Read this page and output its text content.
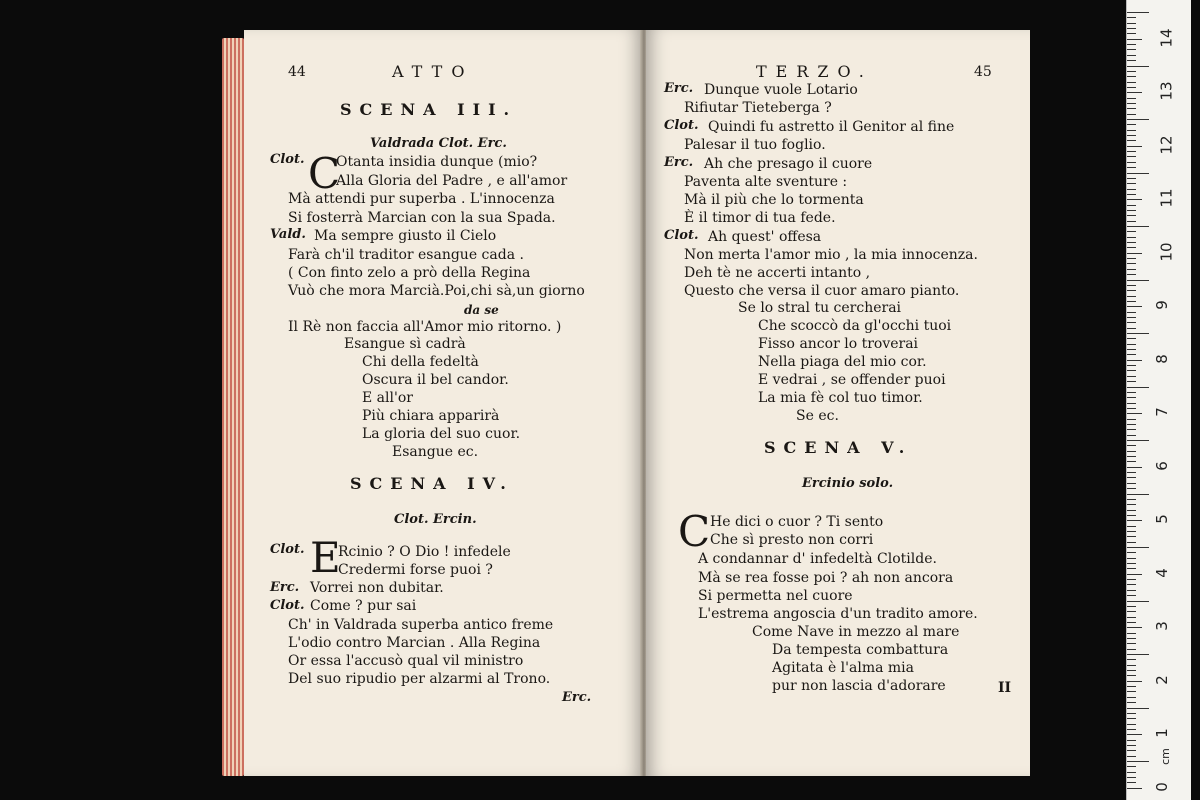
44	ATTO
SCENA III.
Valdrada Clot. Erc.
C
Clot. Otanta insidia dunque (mio?
Alla Gloria del Padre , e all'amor
Mà attendi pur superba . L'innocenza
Si fosterrà Marcian con la sua Spada.
Vald. Ma sempre giusto il Cielo
Farà ch'il traditor esangue cada .
( Con finto zelo a prò della Regina
Vuò che mora Marcià.Poi,chi sà,un giorno
da se
Il Rè non faccia all'Amor mio ritorno. )
Esangue sì cadrà
Chi della fedeltà
Oscura il bel candor.
E all'or
Più chiara apparirà
La gloria del suo cuor.
Esangue ec.
SCENA IV.
Clot. Ercin.
E
Clot. Rcinio ? O Dio ! infedele
Credermi forse puoi ?
Erc. Vorrei non dubitar.
Clot. Come ? pur sai
Ch' in Valdrada superba antico freme
L'odio contro Marcian . Alla Regina
Or essa l'accusò qual vil ministro
Del suo ripudio per alzarmi al Trono.
Erc.
TERZO.	45
Erc. Dunque vuole Lotario
Rifiutar Tieteberga ?
Clot. Quindi fu astretto il Genitor al fine
Palesar il tuo foglio.
Erc. Ah che presago il cuore
Paventa alte sventure :
Mà il più che lo tormenta
È il timor di tua fede.
Clot. Ah quest' offesa
Non merta l'amor mio , la mia innocenza.
Deh tè ne accerti intanto ,
Questo che versa il cuor amaro pianto.
Se lo stral tu cercherai
Che scoccò da gl'occhi tuoi
Fisso ancor lo troverai
Nella piaga del mio cor.
E vedrai , se offender puoi
La mia fè col tuo timor.
Se ec.
SCENA V.
Ercinio solo.
C He dici o cuor ? Ti sento
Che sì presto non corri
A condannar d' infedeltà Clotilde.
Mà se rea fosse poi ? ah non ancora
Si permetta nel cuore
L'estrema angoscia d'un tradito amore.
Come Nave in mezzo al mare
Da tempesta combattura
Agitata è l'alma mia
pur non lascia d'adorare	II
14
13
12
11
10
9
8
7
6
5
4
3
2
1
0
cm
